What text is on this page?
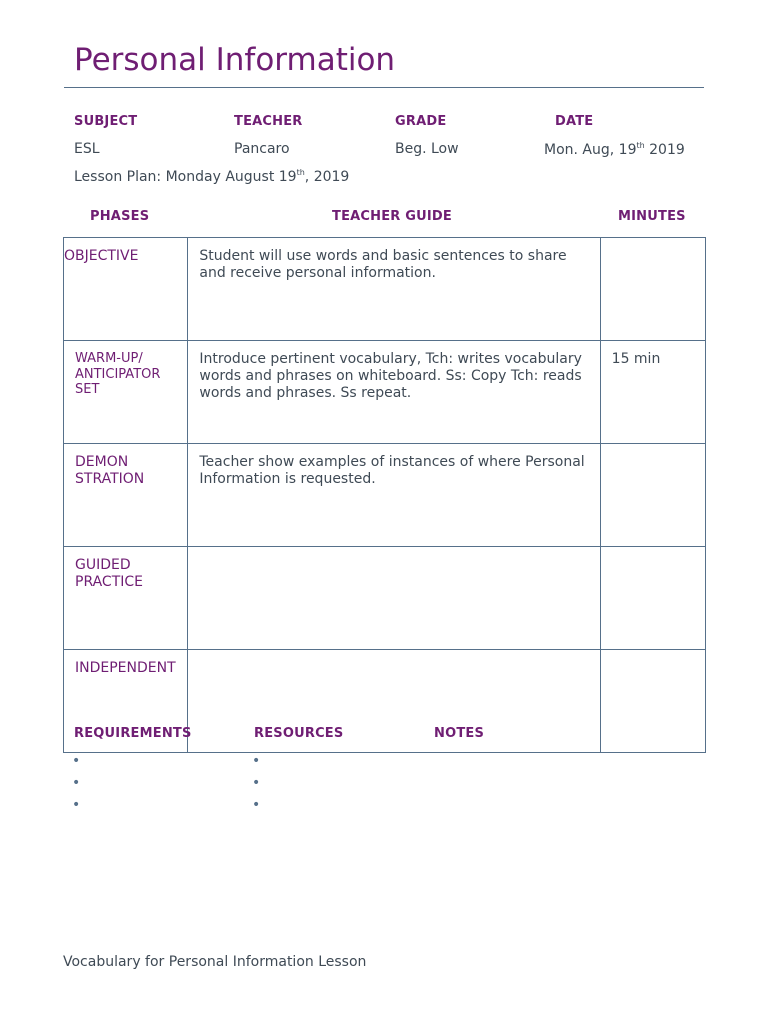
Personal Information
SUBJECT	TEACHER	GRADE	DATE
ESL	Pancaro	Beg. Low	Mon. Aug, 19th 2019
Lesson Plan: Monday August 19th, 2019
PHASES	TEACHER GUIDE	MINUTES
OBJECTIVE	Student will use words and basic sentences to share and receive personal information.	

WARM-UP/
ANTICIPATOR
SET	Introduce pertinent vocabulary, Tch: writes vocabulary words and phrases on whiteboard. Ss: Copy Tch: reads words and phrases. Ss repeat.	15 min

DEMON
STRATION	Teacher show examples of instances of where Personal Information is requested.	

GUIDED
PRACTICE		

INDEPENDENT		
REQUIREMENTS	RESOURCES	NOTES
•
•
•
•
•
•
Vocabulary for Personal Information Lesson
